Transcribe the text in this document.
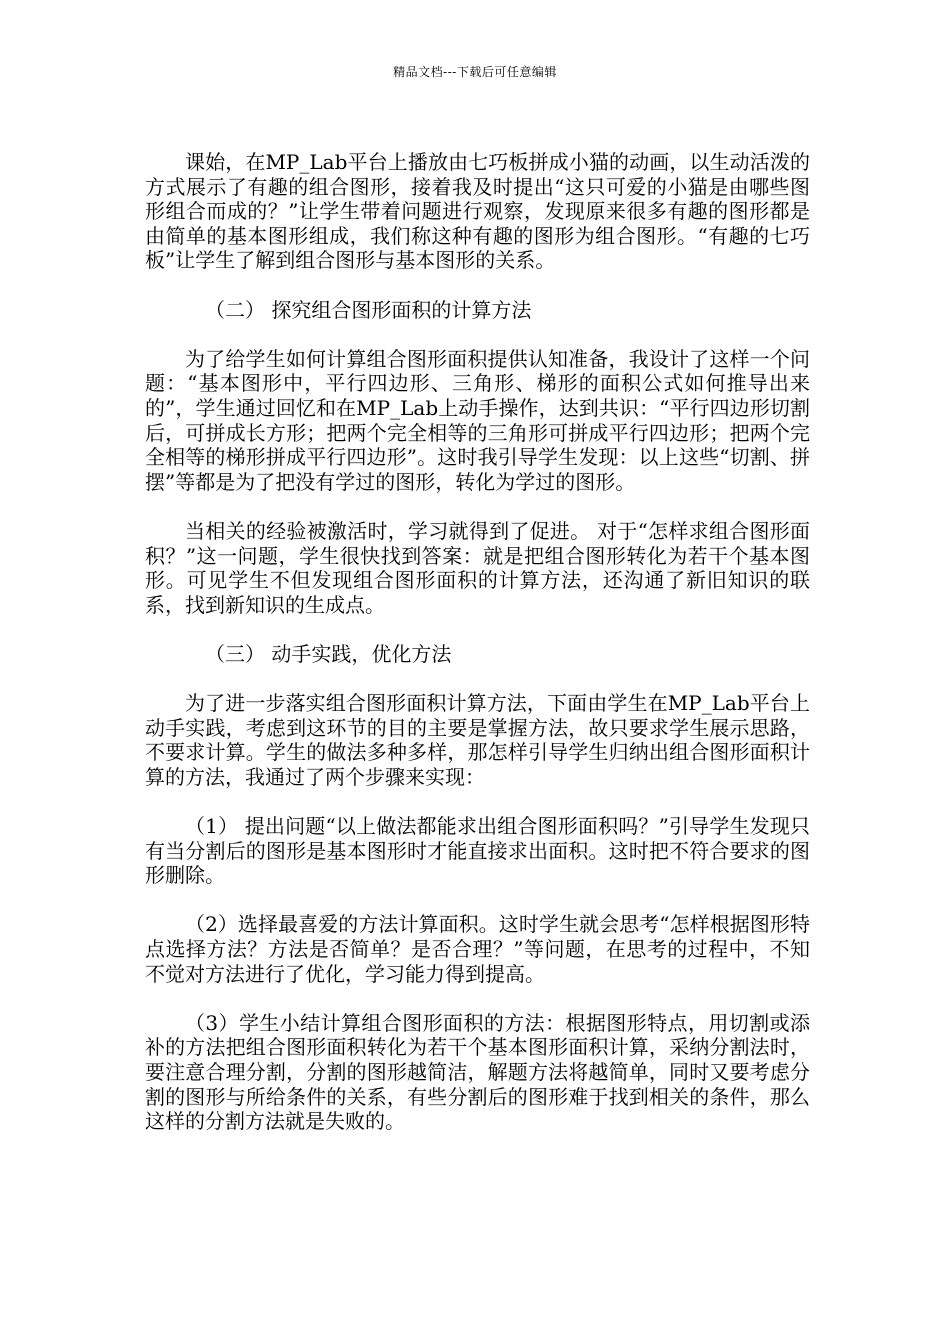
精品文档---下载后可任意编辑

课始，在MP_Lab平台上播放由七巧板拼成小猫的动画，以生动活泼的方式展示了有趣的组合图形，接着我及时提出“这只可爱的小猫是由哪些图形组合而成的？”让学生带着问题进行观察，发现原来很多有趣的图形都是由简单的基本图形组成，我们称这种有趣的图形为组合图形。“有趣的七巧板”让学生了解到组合图形与基本图形的关系。

（二） 探究组合图形面积的计算方法

为了给学生如何计算组合图形面积提供认知准备，我设计了这样一个问题：“基本图形中，平行四边形、三角形、梯形的面积公式如何推导出来的”，学生通过回忆和在MP_Lab上动手操作，达到共识：“平行四边形切割后，可拼成长方形；把两个完全相等的三角形可拼成平行四边形；把两个完全相等的梯形拼成平行四边形”。这时我引导学生发现：以上这些“切割、拼摆”等都是为了把没有学过的图形，转化为学过的图形。

当相关的经验被激活时，学习就得到了促进。 对于“怎样求组合图形面积？”这一问题，学生很快找到答案：就是把组合图形转化为若干个基本图形。可见学生不但发现组合图形面积的计算方法，还沟通了新旧知识的联系，找到新知识的生成点。

（三） 动手实践，优化方法

为了进一步落实组合图形面积计算方法，下面由学生在MP_Lab平台上动手实践，考虑到这环节的目的主要是掌握方法，故只要求学生展示思路，不要求计算。学生的做法多种多样，那怎样引导学生归纳出组合图形面积计算的方法，我通过了两个步骤来实现：

（1） 提出问题“以上做法都能求出组合图形面积吗？”引导学生发现只有当分割后的图形是基本图形时才能直接求出面积。这时把不符合要求的图形删除。

（2）选择最喜爱的方法计算面积。这时学生就会思考“怎样根据图形特点选择方法？方法是否简单？是否合理？”等问题，在思考的过程中，不知不觉对方法进行了优化，学习能力得到提高。

（3）学生小结计算组合图形面积的方法：根据图形特点，用切割或添补的方法把组合图形面积转化为若干个基本图形面积计算，采纳分割法时，要注意合理分割，分割的图形越简洁，解题方法将越简单，同时又要考虑分割的图形与所给条件的关系，有些分割后的图形难于找到相关的条件，那么这样的分割方法就是失败的。
